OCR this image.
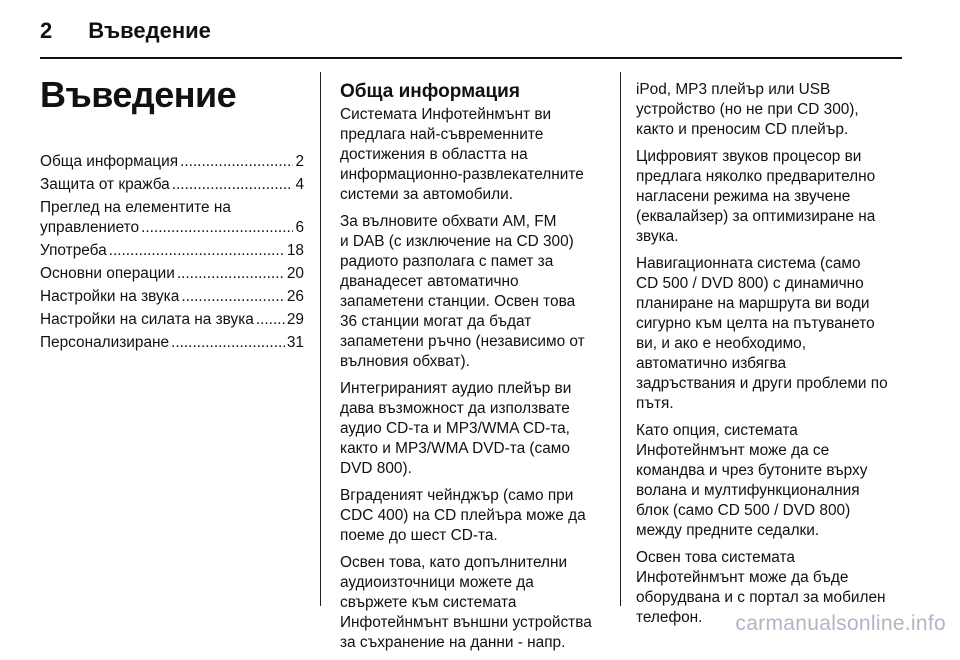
2 Въведение
Въведение
Обща информация .....	2
Защита от кражба .....	4
Преглед на елементите на
управлението .....	6
Употреба .....	18
Основни операции .....	20
Настройки на звука .....	26
Настройки на силата на звука ..... 29
Персонализиране .....	31
Обща информация

Системата Инфотейнмънт ви
предлага най-съвременните
достижения в областта на
информационно-развлекателните
системи за автомобили.

За вълновите обхвати AM, FM
и DAB (с изключение на CD 300)
радиото разполага с памет за
дванадесет автоматично
запаметени станции. Освен това
36 станции могат да бъдат
запаметени ръчно (независимо от
вълновия обхват).

Интегрираният аудио плейър ви
дава възможност да използвате
аудио CD-та и MP3/WMA CD-та,
както и MP3/WMA DVD-та (само
DVD 800).

Вграденият чейнджър (само при
CDC 400) на CD плейъра може да
поеме до шест CD-та.

Освен това, като допълнителни
аудиоизточници можете да
свържете към системата
Инфотейнмънт външни устройства
за съхранение на данни - напр.

iPod, MP3 плейър или USB
устройство (но не при CD 300),
както и преносим CD плейър.

Цифровият звуков процесор ви
предлага няколко предварително
нагласени режима на звучене
(еквалайзер) за оптимизиране на
звука.

Навигационната система (само
CD 500 / DVD 800) с динамично
планиране на маршрута ви води
сигурно към целта на пътуването
ви, и ако е необходимо,
автоматично избягва
задръствания и други проблеми по
пътя.

Като опция, системата
Инфотейнмънт може да се
командва и чрез бутоните върху
волана и мултифункционалния
блок (само CD 500 / DVD 800)
между предните седалки.

Освен това системата
Инфотейнмънт може да бъде
оборудвана и с портал за мобилен
телефон.	carmanualsonline.info
